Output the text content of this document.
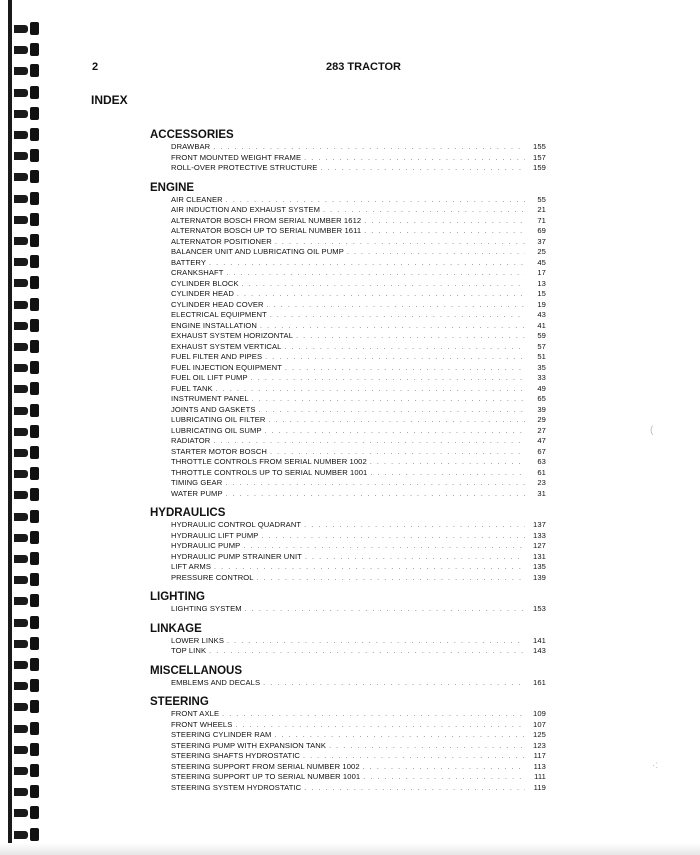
2	283 TRACTOR
INDEX
ACCESSORIES
DRAWBAR . . .	155
FRONT MOUNTED WEIGHT FRAME . . .	157
ROLL-OVER PROTECTIVE STRUCTURE . . .	159
ENGINE
AIR CLEANER . . .	55
AIR INDUCTION AND EXHAUST SYSTEM . . .	21
ALTERNATOR BOSCH FROM SERIAL NUMBER 1612 . . .	71
ALTERNATOR BOSCH UP TO SERIAL NUMBER 1611 . . .	69
ALTERNATOR POSITIONER . . .	37
BALANCER UNIT AND LUBRICATING OIL PUMP . . .	25
BATTERY . . .	45
CRANKSHAFT . . .	17
CYLINDER BLOCK . . .	13
CYLINDER HEAD . . .	15
CYLINDER HEAD COVER . . .	19
ELECTRICAL EQUIPMENT . . .	43
ENGINE INSTALLATION . . .	41
EXHAUST SYSTEM HORIZONTAL . . .	59
EXHAUST SYSTEM VERTICAL . . .	57
FUEL FILTER AND PIPES . . .	51
FUEL INJECTION EQUIPMENT . . .	35
FUEL OIL LIFT PUMP . . .	33
FUEL TANK . . .	49
INSTRUMENT PANEL . . .	65
JOINTS AND GASKETS . . .	39
LUBRICATING OIL FILTER . . .	29
LUBRICATING OIL SUMP . . .	27
RADIATOR . . .	47
STARTER MOTOR BOSCH . . .	67
THROTTLE CONTROLS FROM SERIAL NUMBER 1002 . . .	63
THROTTLE CONTROLS UP TO SERIAL NUMBER 1001 . . .	61
TIMING GEAR . . .	23
WATER PUMP . . .	31
HYDRAULICS
HYDRAULIC CONTROL QUADRANT . . .	137
HYDRAULIC LIFT PUMP . . .	133
HYDRAULIC PUMP . . .	127
HYDRAULIC PUMP STRAINER UNIT . . .	131
LIFT ARMS . . .	135
PRESSURE CONTROL . . .	139
LIGHTING
LIGHTING SYSTEM . . .	153
LINKAGE
LOWER LINKS . . .	141
TOP LINK . . .	143
MISCELLANOUS
EMBLEMS AND DECALS . . .	161
STEERING
FRONT AXLE . . .	109
FRONT WHEELS . . .	107
STEERING CYLINDER RAM . . .	125
STEERING PUMP WITH EXPANSION TANK . . .	123
STEERING SHAFTS HYDROSTATIC . . .	117
STEERING SUPPORT FROM SERIAL NUMBER 1002 . . .	113
STEERING SUPPORT UP TO SERIAL NUMBER 1001 . . .	111
STEERING SYSTEM HYDROSTATIC . . .	119
(
·:
